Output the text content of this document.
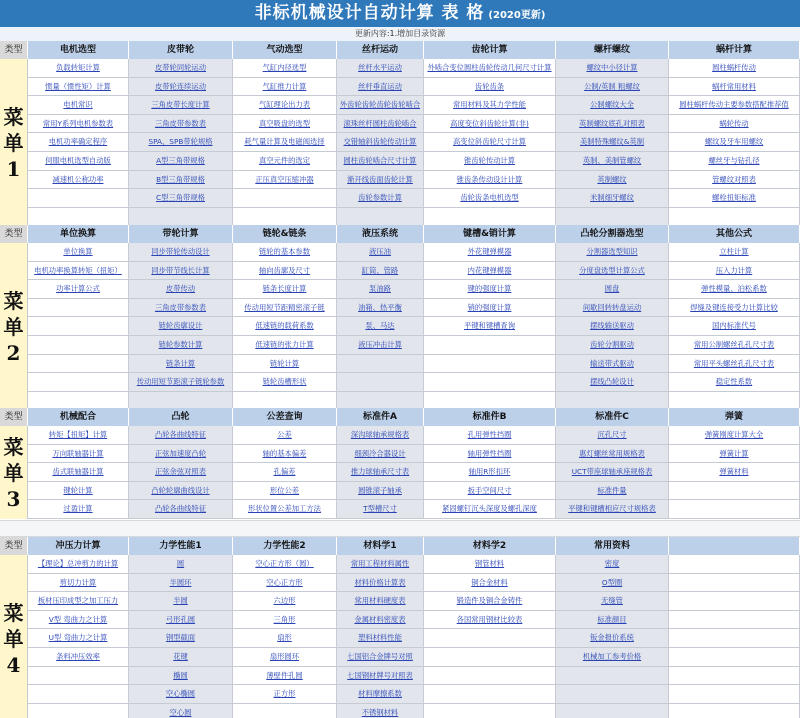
非标机械设计自动计算 表 格 (2020更新)
更新内容:1.增加目录资源
类型
菜
单
1
电机选型
负载转矩计算
惯量（惯性矩）计算
电机常识
常用Y系列电机参数表
电机功率确定程序
伺服电机选型自动版
减速机公称功率
皮带轮
皮带轮同轮运动
皮带轮连续运动
三角皮带长度计算
三角皮带参数表
SPA、SPB带轮规格
A型三角带规格
B型三角带规格
C型三角带规格
气动选型
气缸内径选型
气缸推力计算
气缸理论出力表
真空吸盘的选型
耗气量计算及电磁阀选择
真空元件的选定
正压真空压缩冲器
丝杆运动
丝杆水平运动
丝杆垂直运动
外齿轮齿轮齿轮齿轮啮合
滚珠丝杆圆柱齿轮啮合
交错轴斜齿轮传动计算
圆柱齿轮啮合尺寸计算
渐开线齿面齿轮计算
齿轮参数计算
齿轮计算
外啮合变位圆柱齿轮传动几何尺寸计算
齿轮齿条
常用材料及其力学性能
高度变位斜齿轮计算(非)
高变位斜齿轮尺寸计算
锥齿轮传动计算
锥齿条传动设计计算
齿轮齿条电机选型
螺杆螺纹
螺纹中小径计算
公制/英制 粗螺纹
公制螺纹大全
英制螺纹底孔对照表
美制特殊螺纹&英制
英制、美制管螺纹
英制螺纹
米制细牙螺纹
蜗杆计算
圆柱蜗杆传动
蜗杆常用材料
圆柱蜗杆传动主要参数搭配推荐值
蜗轮传动
螺纹及牙车用螺纹
螺丝牙与钻孔径
管螺纹对照表
螺栓扭矩标准
类型
菜
单
2
单位换算
单位换算
电机功率换算转矩（扭矩）
功率计算公式
带轮计算
同步带轮传动设计
同步带节线长计算
皮带传动
三角皮带参数表
链轮齿廓设计
链轮参数计算
链条计算
传动用短节距滚子链轮参数
链轮&链条
链轮的基本参数
轴向齿廓及尺寸
链条长度计算
传动用短节距精密滚子链
低速链的载荷系数
低速链的张力计算
链轮计算
链轮齿槽形状
液压系统
液压油
缸筒、管路
泵油路
油箱、热平衡
泵、马达
液压冲击计算
键槽&销计算
外花键弹模器
内花键弹模器
键的强度计算
销的强度计算
平键和键槽查询
凸轮分割器选型
分割器选型知识
分度盘选型计算公式
圆盘
间歇回转转盘运动
摆线输送驱动
齿轮分割驱动
输送带式驱动
摆线凸轮设计
其他公式
立柱计算
压入力计算
弹性模量、泊松系数
焊缝及键连接受力计算比较
国内标准代号
常用公制螺丝孔孔尺寸表
常用平头螺丝孔孔尺寸表
稳定性系数
类型
菜
单
3
机械配合
转矩【扭矩】计算
万向联轴器计算
齿式联轴器计算
键轮计算
过盈计算
凸轮
凸轮各曲线特征
正弦加速度凸轮
正弦余弦对照表
凸轮轮廓曲线设计
凸轮各曲线特征
公差查询
公差
轴的基本偏差
孔偏差
形位公差
形状位置公差加工方法
标准件A
深沟球轴承规格表
细颈冷合器设计
推力球轴承尺寸表
圆锥滚子轴承
T型槽尺寸
标准件B
孔用弹性挡圈
轴用弹性挡圈
轴用R形扣环
扳手空间尺寸
紧固螺钉沉头深度及螺孔深度
标准件C
沉孔尺寸
惠灯螺丝常用规格表
UCT带座球轴承座规格表
标准件量
平键和键槽相应尺寸规格表
弹簧
弹簧刚度计算大全
弹簧计算
弹簧材料
类型
菜
单
4
冲压力计算
【理论】总冲剪力的计算
剪切力计算
板材压印成型之加工压力
V型 弯曲力之计算
U型 弯曲力之计算
条料冲压效率
力学性能1
圆
半圆环
半圆
弓形孔圆
钢型截面
花键
椭圆
空心椭圆
空心圆
力学性能2
空心正方形（圆）
空心正方形
六边形
三角形
扇形
扇形圆环
薄壁件孔圆
正方形
材料学1
常用工程材料属性
材料价格计算表
常用材料硬度表
金属材料密度表
塑料材料性能
七国铝合金牌号对照
七国钢材牌号对照表
材料摩擦系数
不锈钢材料
材料学2
钢管材料
铜合金材料
锻造件及铜合金铸件
各国常用钢材比较表
常用资料
密度
O型圈
无缝管
标准颜目
钣金报价系统
机械加工参考价格
